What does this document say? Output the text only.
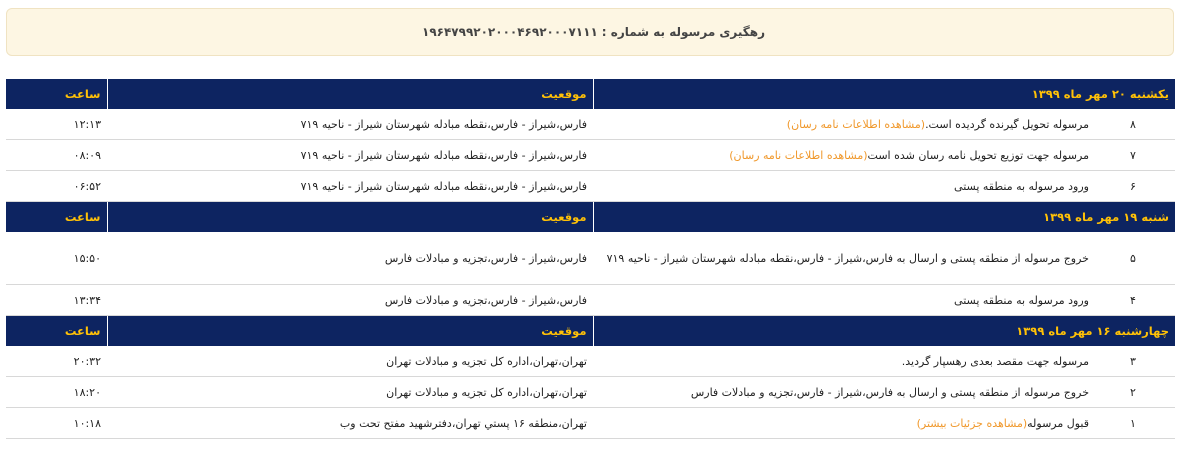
رهگیری مرسوله به شماره :
۱۹۶۴۷۹۹۲۰۲۰۰۰۴۶۹۲۰۰۰۷۱۱۱
یکشنبه ۲۰ مهر ماه ۱۳۹۹	موقعیت	ساعت

۸
مرسوله تحویل گیرنده گردیده است.(مشاهده اطلاعات نامه رسان)	فارس،شیراز - فارس،نقطه مبادله شهرستان شیراز - ناحیه ۷۱۹	۱۲:۱۳

۷
مرسوله جهت توزیع تحویل نامه رسان شده است(مشاهده اطلاعات نامه رسان)	فارس،شیراز - فارس،نقطه مبادله شهرستان شیراز - ناحیه ۷۱۹	۰۸:۰۹

۶
ورود مرسوله به منطقه پستی	فارس،شیراز - فارس،نقطه مبادله شهرستان شیراز - ناحیه ۷۱۹	۰۶:۵۲
شنبه ۱۹ مهر ماه ۱۳۹۹	موقعیت	ساعت

۵
خروج مرسوله از منطقه پستی و ارسال به فارس،شیراز - فارس،نقطه مبادله شهرستان شیراز - ناحیه ۷۱۹	فارس،شیراز - فارس،تجزیه و مبادلات فارس	۱۵:۵۰

۴
ورود مرسوله به منطقه پستی	فارس،شیراز - فارس،تجزیه و مبادلات فارس	۱۳:۳۴
چهارشنبه ۱۶ مهر ماه ۱۳۹۹	موقعیت	ساعت

۳
مرسوله جهت مقصد بعدی رهسپار گردید.	تهران،تهران،اداره کل تجزیه و مبادلات تهران	۲۰:۳۲

۲
خروج مرسوله از منطقه پستی و ارسال به فارس،شیراز - فارس،تجزیه و مبادلات فارس	تهران،تهران،اداره کل تجزیه و مبادلات تهران	۱۸:۲۰

۱
قبول مرسوله(مشاهده جزئیات بیشتر)	تهران،منطقه ۱۶ پستي تهران،دفترشهید مفتح تحت وب	۱۰:۱۸
